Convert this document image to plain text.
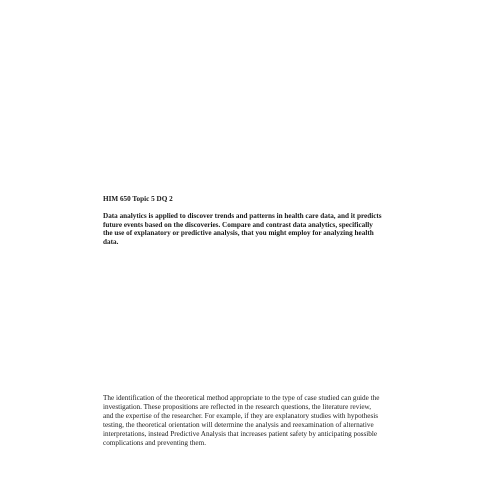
HIM 650 Topic 5 DQ 2

Data analytics is applied to discover trends and patterns in health care data, and it predicts
future events based on the discoveries. Compare and contrast data analytics, specifically
the use of explanatory or predictive analysis, that you might employ for analyzing health
data.

The identification of the theoretical method appropriate to the type of case studied can guide the
investigation. These propositions are reflected in the research questions, the literature review,
and the expertise of the researcher. For example, if they are explanatory studies with hypothesis
testing, the theoretical orientation will determine the analysis and reexamination of alternative
interpretations, instead Predictive Analysis that increases patient safety by anticipating possible
complications and preventing them.
